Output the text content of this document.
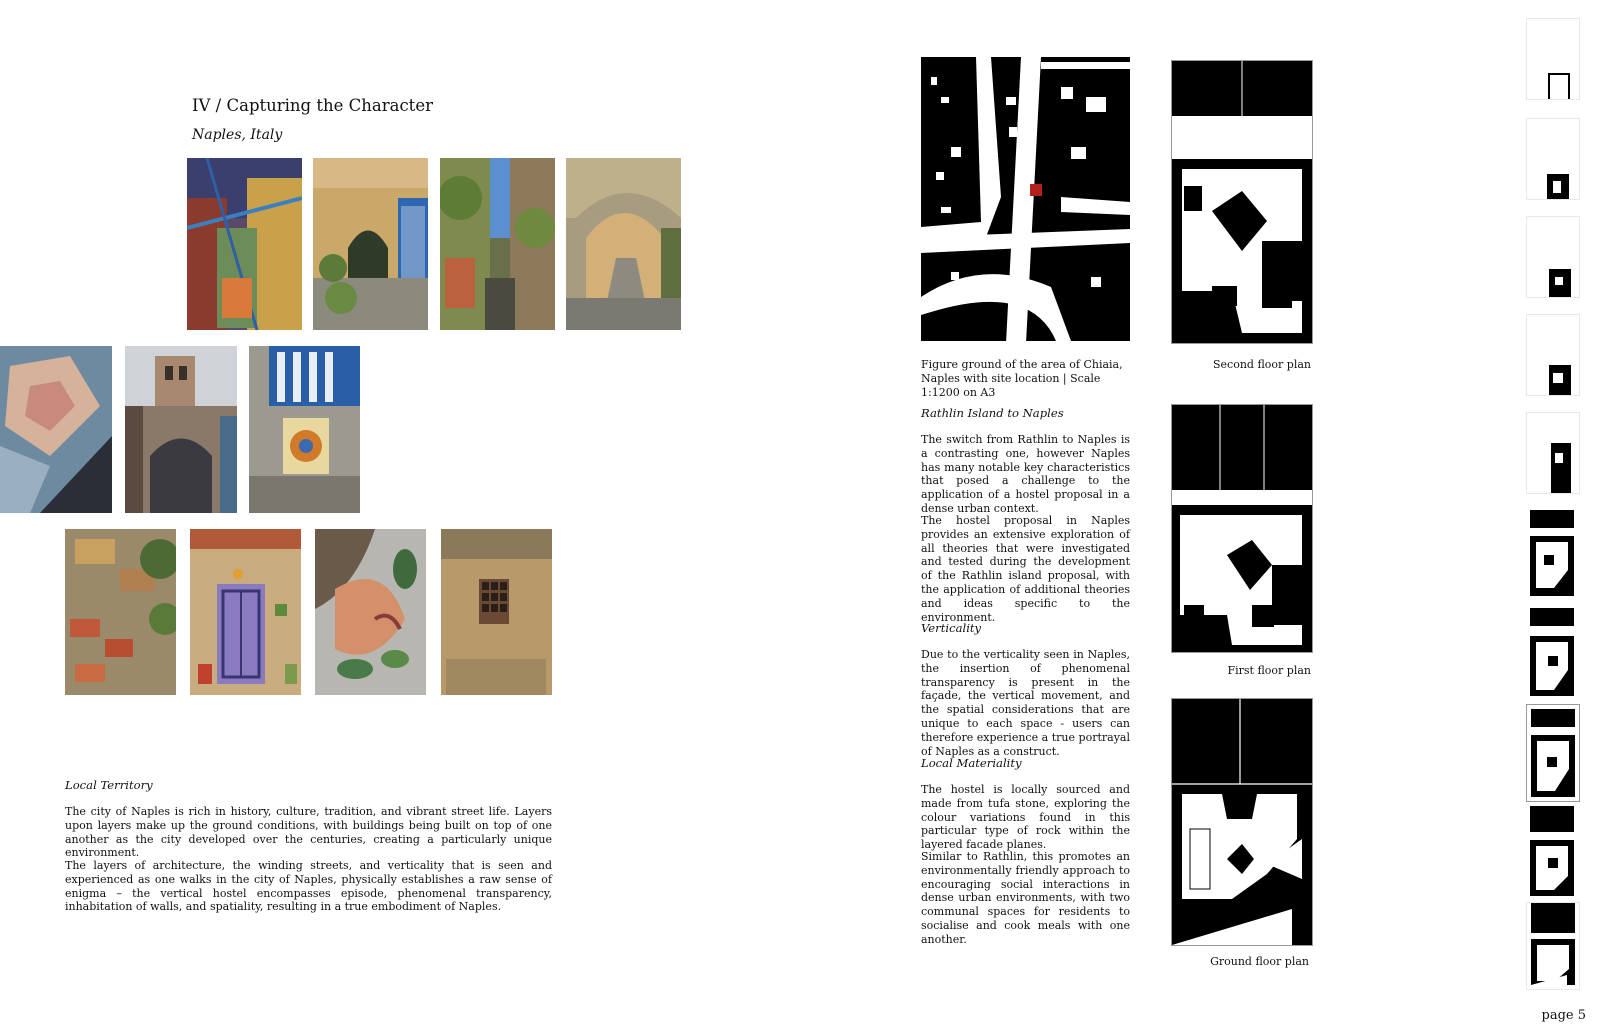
IV / Capturing the Character
Naples, Italy
Local Territory
The city of Naples is rich in history, culture, tradition, and vibrant street life. Layers upon layers make up the ground conditions, with buildings being built on top of one another as the city developed over the centuries, creating a particularly unique environment.
The layers of architecture, the winding streets, and verticality that is seen and experienced as one walks in the city of Naples, physically establishes a raw sense of enigma – the vertical hostel encompasses episode, phenomenal transparency, inhabitation of walls, and spatiality, resulting in a true embodiment of Naples.
Figure ground of the area of Chiaia, Naples with site location | Scale 1:1200 on A3
Second floor plan
First floor plan
Ground floor plan
Rathlin Island to Naples
The switch from Rathlin to Naples is a contrasting one, however Naples has many notable key characteristics that posed a challenge to the application of a hostel proposal in a dense urban context.
The hostel proposal in Naples provides an extensive exploration of all theories that were investigated and tested during the development of the Rathlin island proposal, with the application of additional theories and ideas specific to the environment.
Verticality
Due to the verticality seen in Naples, the insertion of phenomenal transparency is present in the façade, the vertical movement, and the spatial considerations that are unique to each space - users can therefore experience a true portrayal of Naples as a construct.
Local Materiality
The hostel is locally sourced and made from tufa stone, exploring the colour variations found in this particular type of rock within the layered facade planes.
Similar to Rathlin, this promotes an environmentally friendly approach to encouraging social interactions in dense urban environments, with two communal spaces for residents to socialise and cook meals with one another.
page 5
